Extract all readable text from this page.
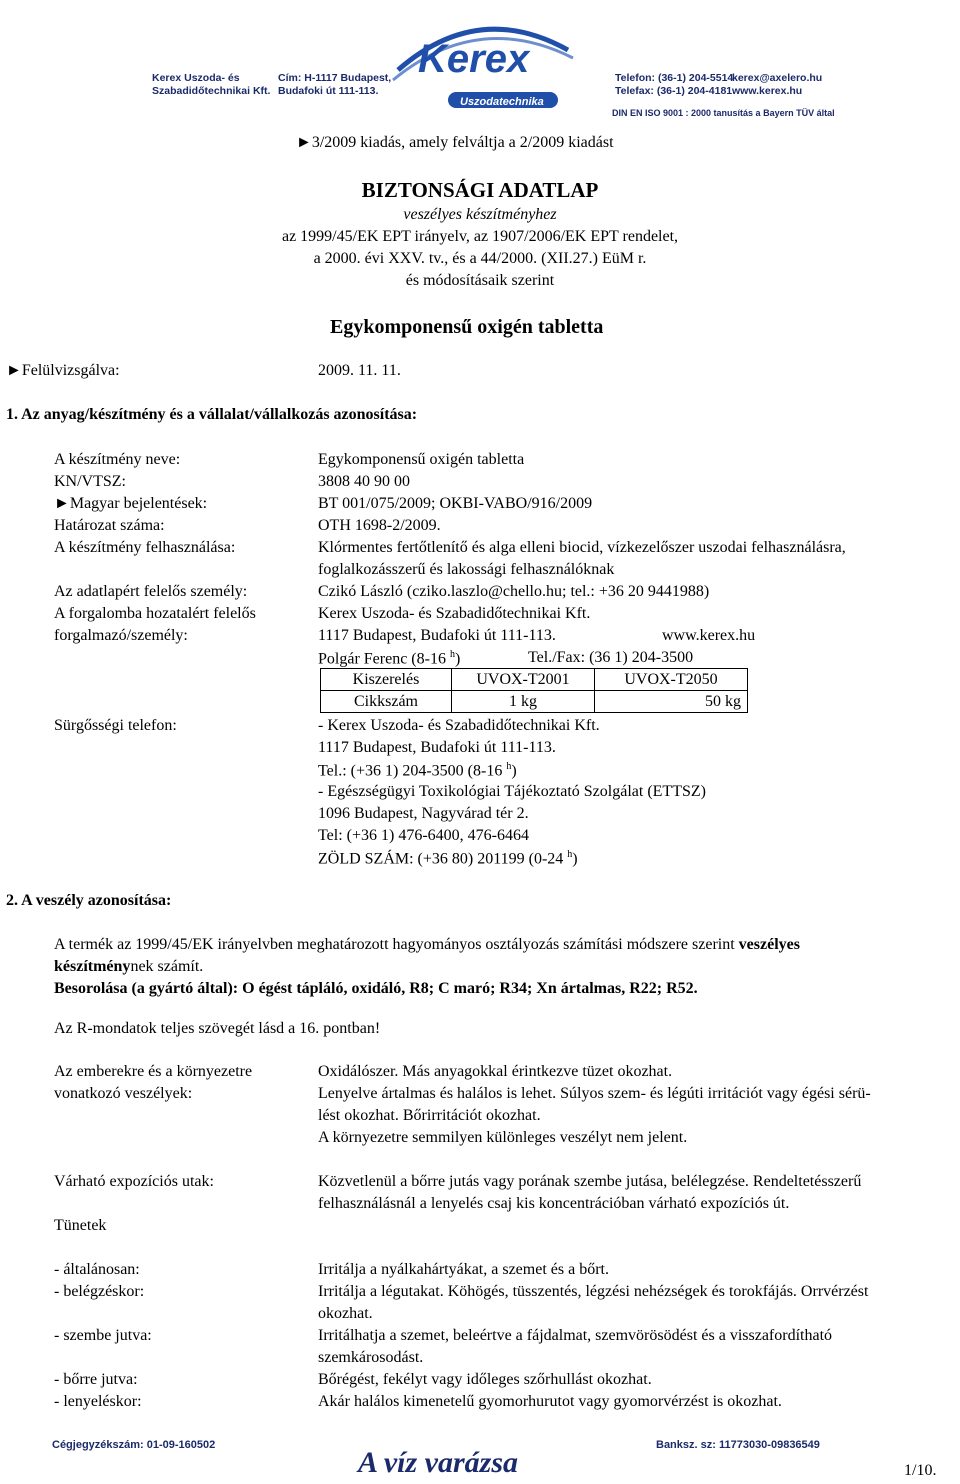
Kerex Uszoda- és
Szabadidőtechnikai Kft.
Cím: H-1117 Budapest,
Budafoki út 111-113.
Kerex
Uszodatechnika
Telefon: (36-1) 204-5514
Telefax: (36-1) 204-4181
kerex@axelero.hu
www.kerex.hu
DIN EN ISO 9001 : 2000 tanusítás a Bayern TÜV által
►3/2009 kiadás, amely felváltja a 2/2009 kiadást
BIZTONSÁGI ADATLAP
veszélyes készítményhez
az 1999/45/EK EPT irányelv, az 1907/2006/EK EPT rendelet,
a 2000. évi XXV. tv., és a 44/2000. (XII.27.) EüM r.
és módosításaik szerint
Egykomponensű oxigén tabletta
►Felülvizsgálva:	2009. 11. 11.
1. Az anyag/készítmény és a vállalat/vállalkozás azonosítása:
A készítmény neve:	Egykomponensű oxigén tabletta
KN/VTSZ:	3808 40 90 00
►Magyar bejelentések:	BT 001/075/2009; OKBI-VABO/916/2009
Határozat száma:	OTH 1698-2/2009.
A készítmény felhasználása:	Klórmentes fertőtlenítő és alga elleni biocid, vízkezelőszer uszodai felhasználásra,
foglalkozásszerű és lakossági felhasználóknak
Az adatlapért felelős személy:	Czikó László (cziko.laszlo@chello.hu; tel.: +36 20 9441988)
A forgalomba hozatalért felelős
forgalmazó/személy:
Kerex Uszoda- és Szabadidőtechnikai Kft.
1117 Budapest, Budafoki út 111-113.	www.kerex.hu
Polgár Ferenc (8-16 $^h$)	Tel./Fax: (36 1) 204-3500
Kiszerelés	UVOX-T2001	UVOX-T2050
Cikkszám	1 kg	50 kg
Sürgősségi telefon:	- Kerex Uszoda- és Szabadidőtechnikai Kft.
1117 Budapest, Budafoki út 111-113.
Tel.: (+36 1) 204-3500 (8-16 $^h$)
- Egészségügyi Toxikológiai Tájékoztató Szolgálat (ETTSZ)
1096 Budapest, Nagyvárad tér 2.
Tel: (+36 1) 476-6400, 476-6464
ZÖLD SZÁM: (+36 80) 201199 (0-24 $^h$)
2. A veszély azonosítása:
A termék az 1999/45/EK irányelvben meghatározott hagyományos osztályozás számítási módszere szerint veszélyes
készítménynek számít.
Besorolása (a gyártó által): O égést tápláló, oxidáló, R8; C maró; R34; Xn ártalmas, R22; R52.
Az R-mondatok teljes szövegét lásd a 16. pontban!
Az emberekre és a környezetre
vonatkozó veszélyek:
Oxidálószer. Más anyagokkal érintkezve tüzet okozhat.
Lenyelve ártalmas és halálos is lehet. Súlyos szem- és légúti irritációt vagy égési sérü-
lést okozhat. Bőrirritációt okozhat.
A környezetre semmilyen különleges veszélyt nem jelent.
Várható expozíciós utak:	Közvetlenül a bőrre jutás vagy porának szembe jutása, belélegzése. Rendeltetésszerű
felhasználásnál a lenyelés csaj kis koncentrációban várható expozíciós út.
Tünetek
- általánosan:	Irritálja a nyálkahártyákat, a szemet és a bőrt.
- belégzéskor:	Irritálja a légutakat. Köhögés, tüsszentés, légzési nehézségek és torokfájás. Orrvérzést
okozhat.
- szembe jutva:	Irritálhatja a szemet, beleértve a fájdalmat, szemvörösödést és a visszafordítható
szemkárosodást.
- bőrre jutva:	Bőrégést, fekélyt vagy időleges szőrhullást okozhat.
- lenyeléskor:	Akár halálos kimenetelű gyomorhurutot vagy gyomorvérzést is okozhat.
Cégjegyzékszám: 01-09-160502
A víz varázsa
Banksz. sz: 11773030-09836549
1/10.
